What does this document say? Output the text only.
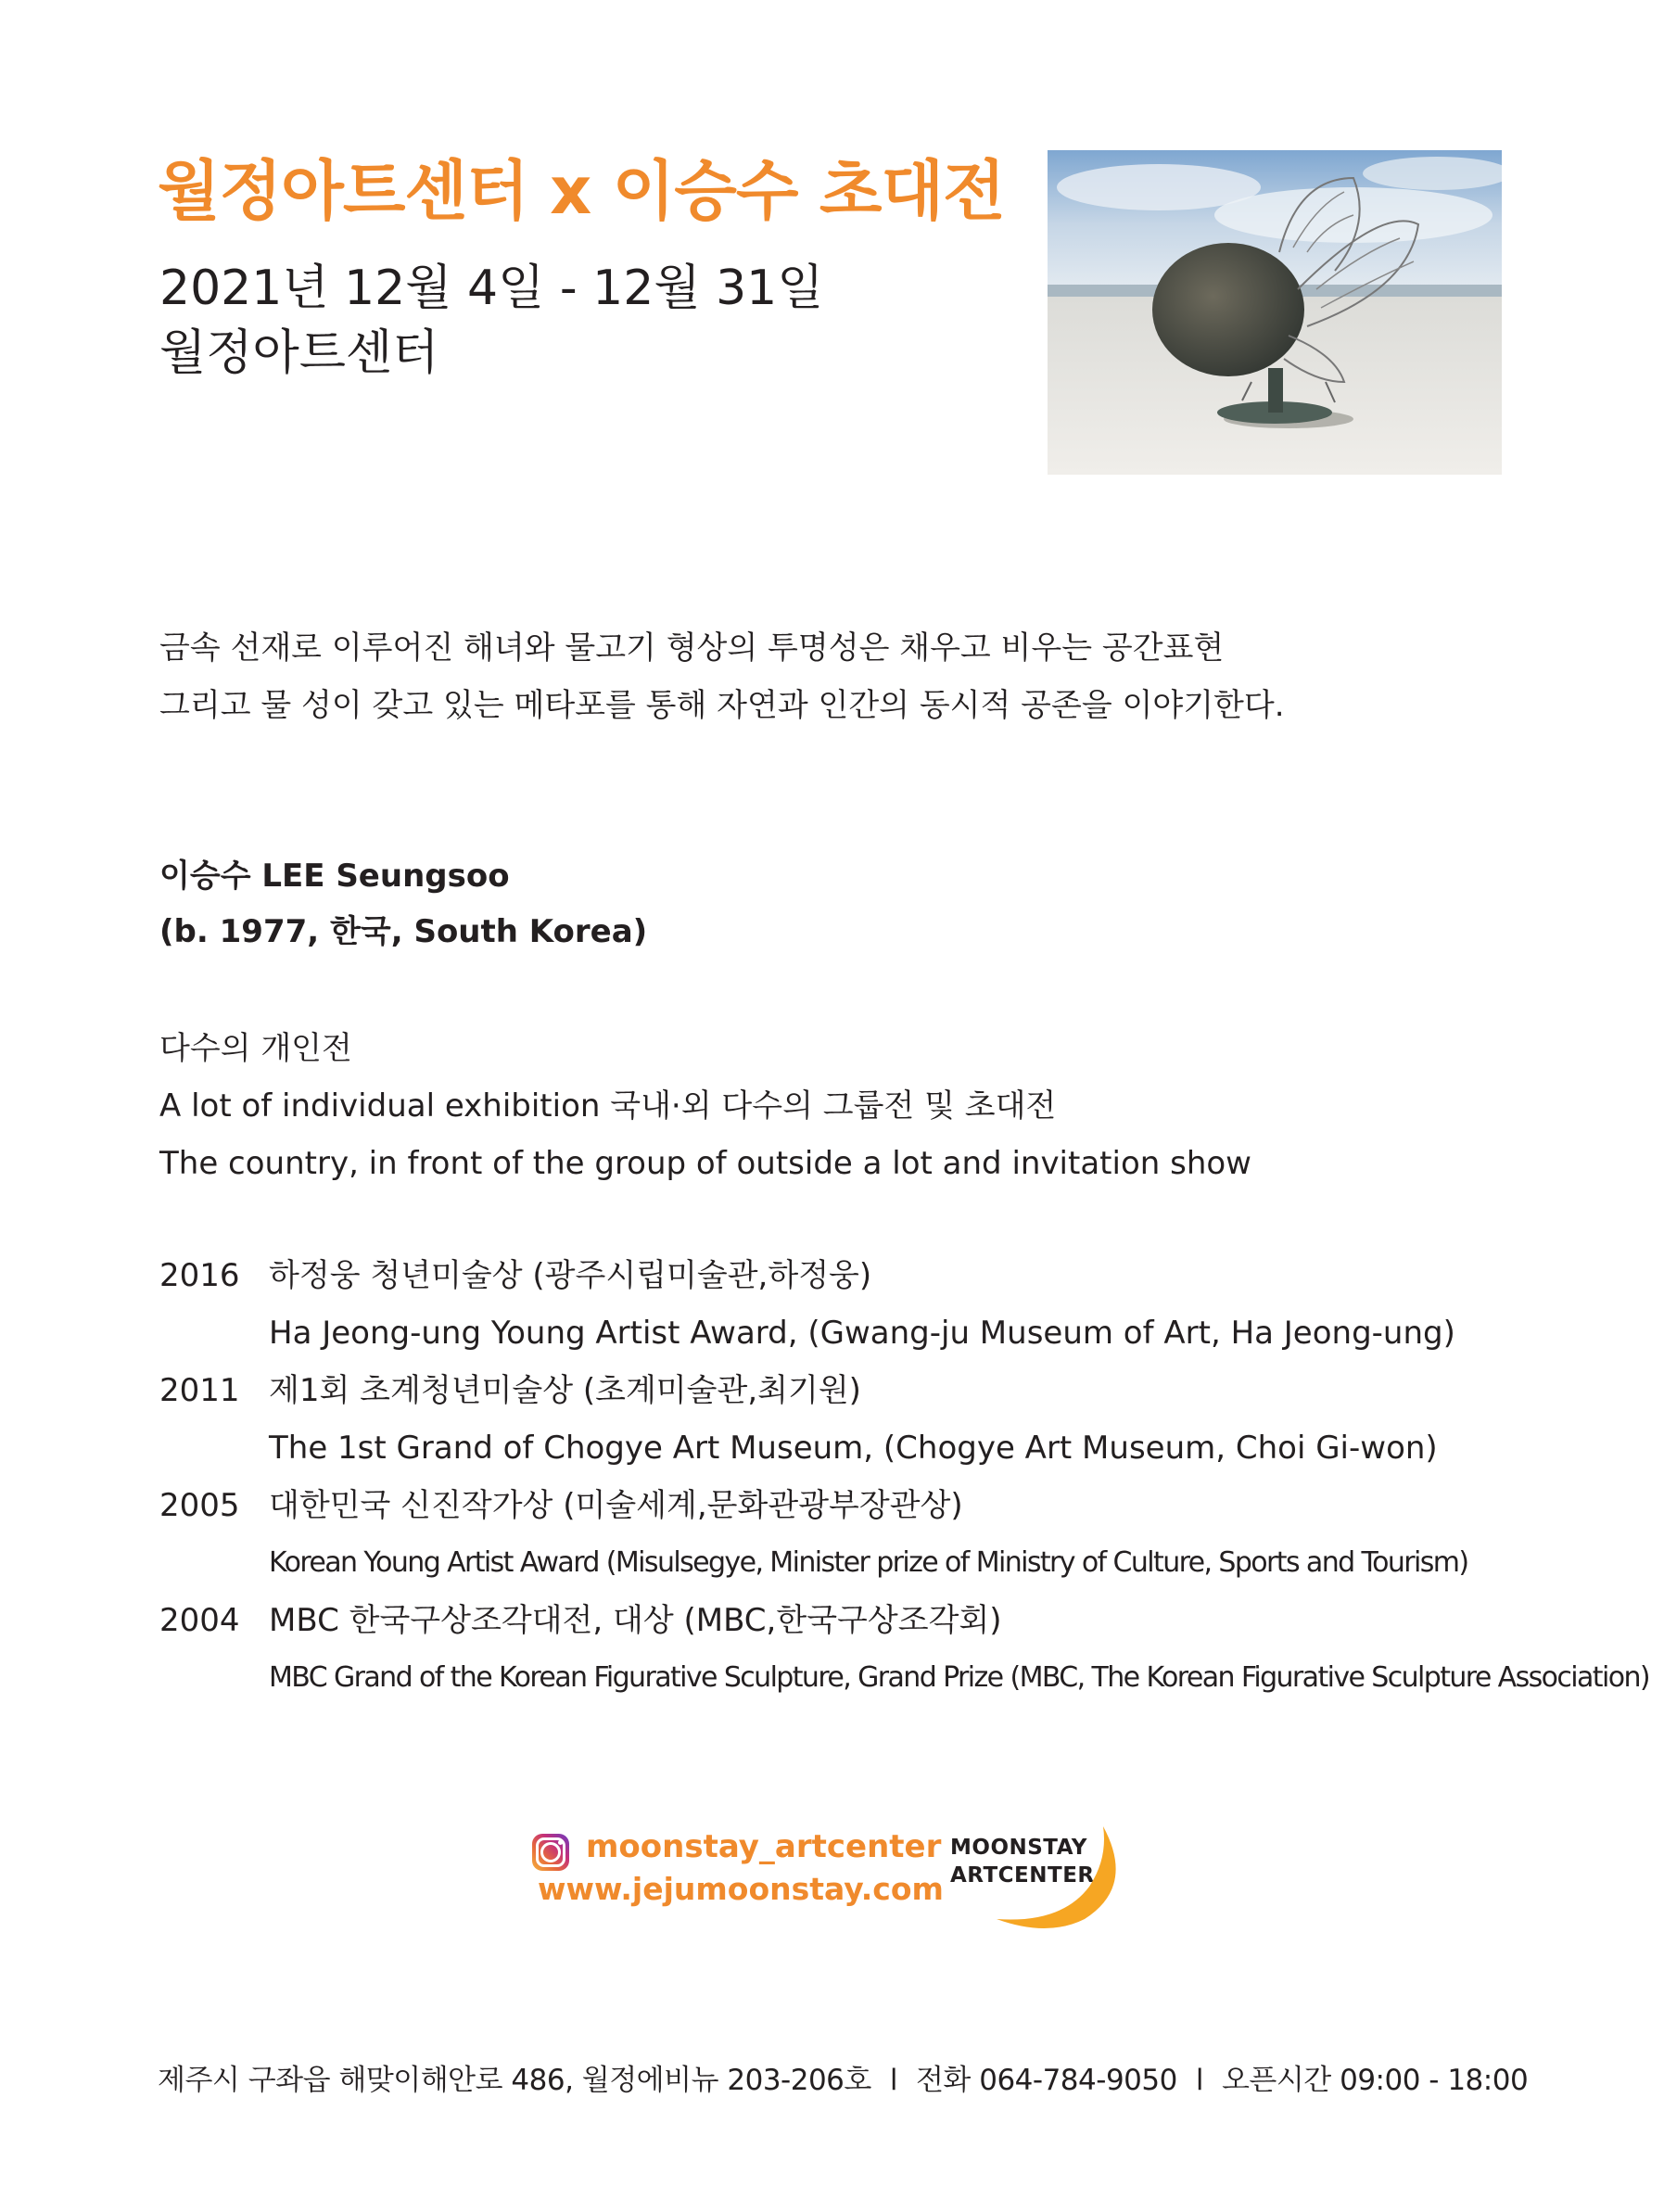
월정아트센터 x 이승수 초대전
2021년 12월 4일 - 12월 31일
월정아트센터
금속 선재로 이루어진 해녀와 물고기 형상의 투명성은 채우고 비우는 공간표현
그리고 물 성이 갖고 있는 메타포를 통해 자연과 인간의 동시적 공존을 이야기한다.
이승수 LEE Seungsoo
(b. 1977, 한국, South Korea)
다수의 개인전
A lot of individual exhibition 국내·외 다수의 그룹전 및 초대전
The country, in front of the group of outside a lot and invitation show
2016 하정웅 청년미술상 (광주시립미술관,하정웅)
Ha Jeong-ung Young Artist Award, (Gwang-ju Museum of Art, Ha Jeong-ung)
2011 제1회 초계청년미술상 (초계미술관,최기원)
The 1st Grand of Chogye Art Museum, (Chogye Art Museum, Choi Gi-won)
2005 대한민국 신진작가상 (미술세계,문화관광부장관상)
Korean Young Artist Award (Misulsegye, Minister prize of Ministry of Culture, Sports and Tourism)
2004 MBC 한국구상조각대전, 대상 (MBC,한국구상조각회)
MBC Grand of the Korean Figurative Sculpture, Grand Prize (MBC, The Korean Figurative Sculpture Association)
moonstay_artcenter
www.jejumoonstay.com
MOONSTAY
ARTCENTER
제주시 구좌읍 해맞이해안로 486, 월정에비뉴 203-206호 l 전화 064-784-9050 l 오픈시간 09:00 - 18:00
